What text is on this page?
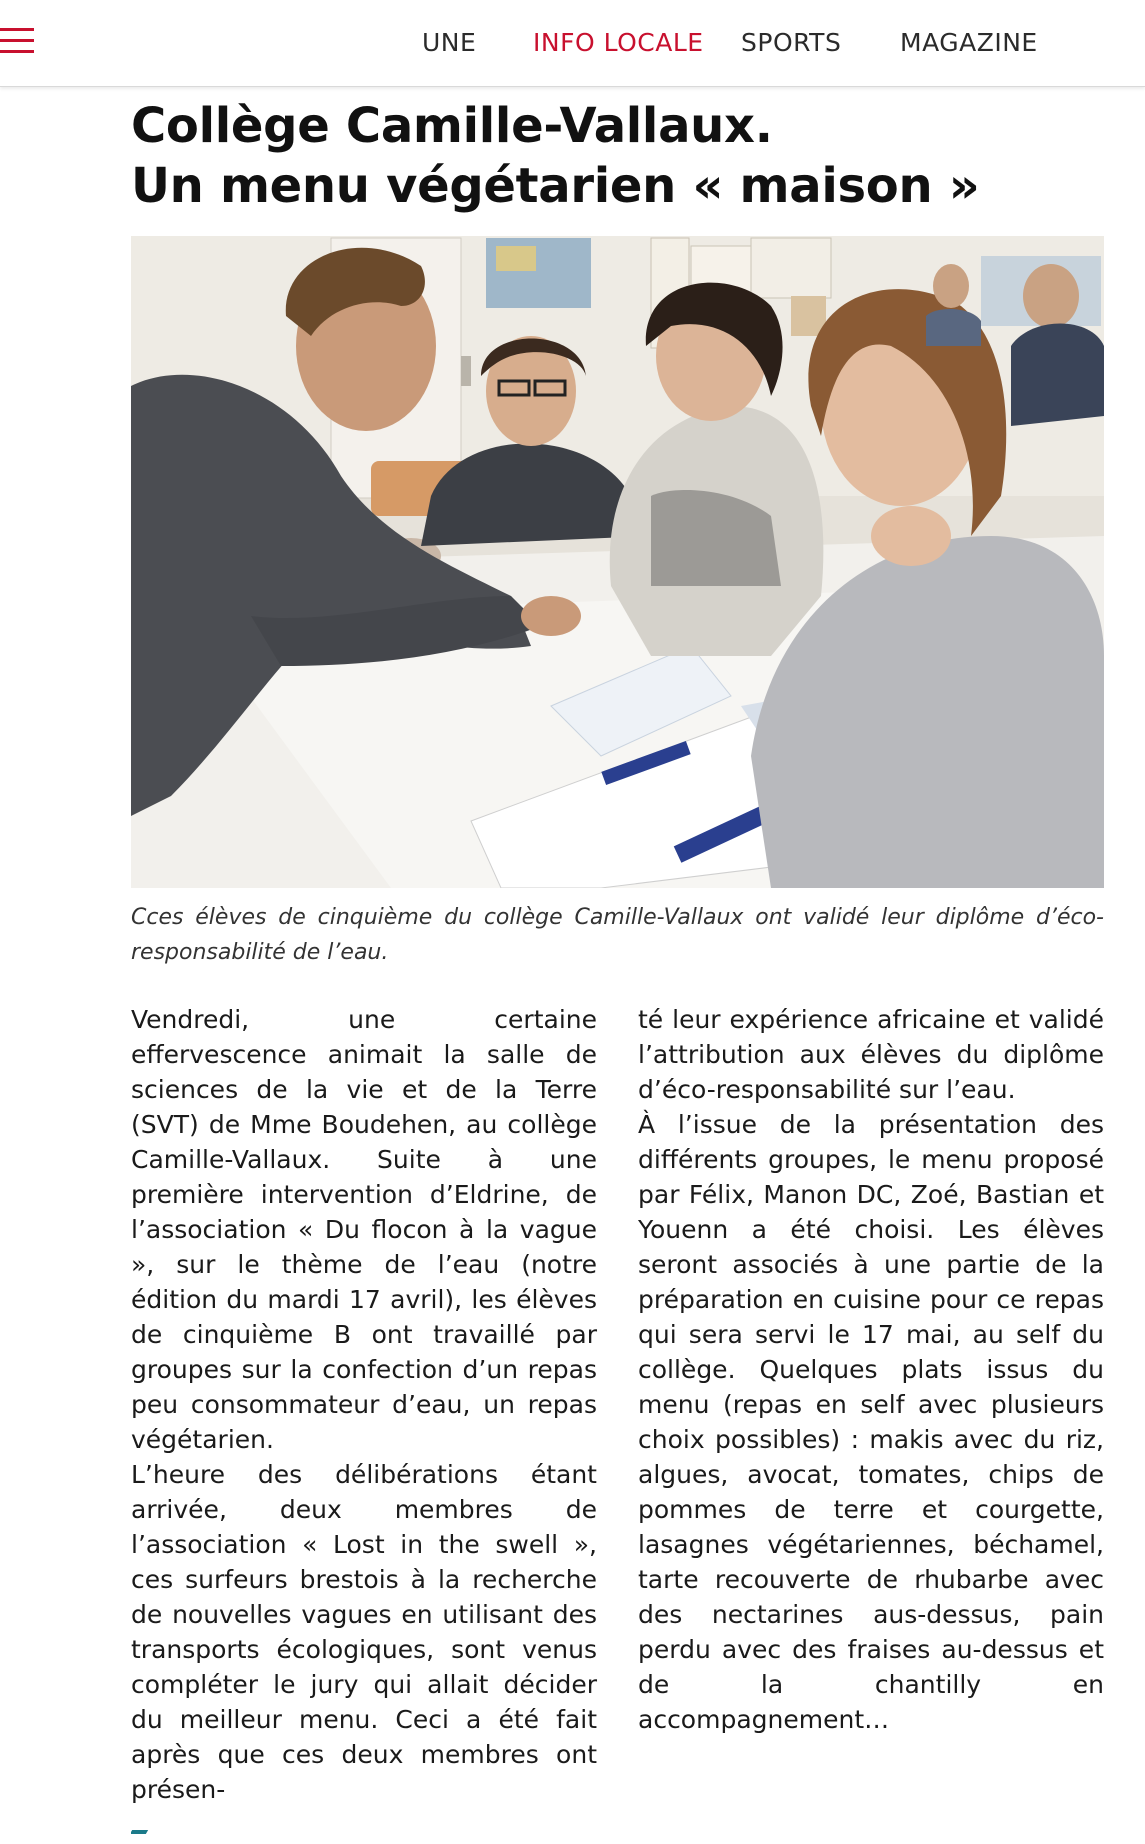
UNE INFO LOCALE SPORTS MAGAZINE
Collège Camille-Vallaux.
Un menu végétarien « maison »

Cces élèves de cinquième du collège Camille-Vallaux ont validé leur diplôme d’éco-responsabilité de l’eau.

Vendredi, une certaine effervescence animait la salle de sciences de la vie et de la Terre (SVT) de Mme Boudehen, au collège Camille-Vallaux. Suite à une première intervention d’Eldrine, de l’association « Du flocon à la vague », sur le thème de l’eau (notre édition du mardi 17 avril), les élèves de cinquième B ont travaillé par groupes sur la confection d’un repas peu consommateur d’eau, un repas végétarien.

L’heure des délibérations étant arrivée, deux membres de l’association « Lost in the swell », ces surfeurs brestois à la recherche de nouvelles vagues en utilisant des transports écologiques, sont venus compléter le jury qui allait décider du meilleur menu. Ceci a été fait après que ces deux membres ont présen-

té leur expérience africaine et validé l’attribution aux élèves du diplôme d’éco-responsabilité sur l’eau.

À l’issue de la présentation des différents groupes, le menu proposé par Félix, Manon DC, Zoé, Bastian et Youenn a été choisi. Les élèves seront associés à une partie de la préparation en cuisine pour ce repas qui sera servi le 17 mai, au self du collège. Quelques plats issus du menu (repas en self avec plusieurs choix possibles) : makis avec du riz, algues, avocat, tomates, chips de pommes de terre et courgette, lasagnes végétariennes, béchamel, tarte recouverte de rhubarbe avec des nectarines aus-dessus, pain perdu avec des fraises au-dessus et de la chantilly en accompagnement…
